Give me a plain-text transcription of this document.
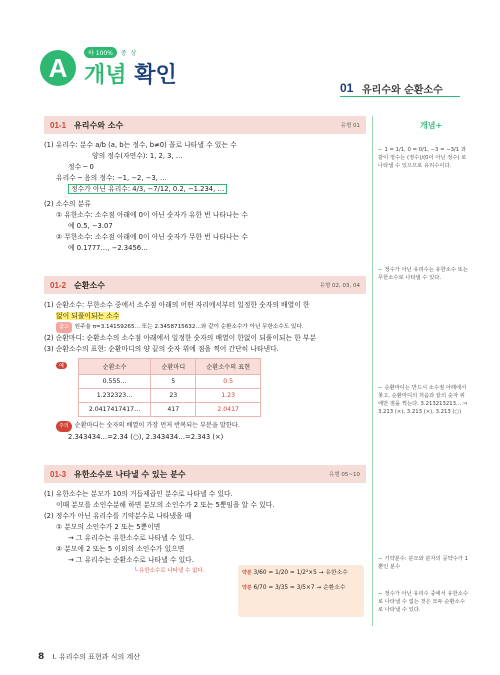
A	하 100%	중 상
개념 확인	01 유리수와 순환소수
01-1 유리수와 소수	유형 01
(1) 유리수: 분수 a/b (a, b는 정수, b≠0) 꼴로 나타낼 수 있는 수
양의 정수(자연수): 1, 2, 3, …
정수 ─ 0
유리수 ─ 음의 정수: −1, −2, −3, …
정수가 아닌 유리수: 4/3, −7/12, 0.2, −1.234, …
(2) 소수의 분류
① 유한소수: 소수점 아래에 0이 아닌 숫자가 유한 번 나타나는 수
예 0.5, −3.07
② 무한소수: 소수점 아래에 0이 아닌 숫자가 무한 번 나타나는 수
예 0.1777…, −2.3456…
01-2 순환소수	유형 02, 03, 04
(1) 순환소수: 무한소수 중에서 소수점 아래의 어떤 자리에서부터 일정한 숫자의 배열이 한
없이 되풀이되는 소수
참고 원주율 π=3.14159265… 또는 2.3458715632…와 같이 순환소수가 아닌 무한소수도 있다.
(2) 순환마디: 순환소수의 소수점 아래에서 일정한 숫자의 배열이 한없이 되풀이되는 한 부분
(3) 순환소수의 표현: 순환마디의 양 끝의 숫자 위에 점을 찍어 간단히 나타낸다.
예	순환소수	순환마디	순환소수의 표현
0.555…	5	0.5̇
1.232323…	23	1.2̇3̇
2.0417417417…	417	2.04̇17̇
주의 순환마디는 숫자의 배열이 가장 먼저 반복되는 부분을 말한다.
2.343434…=2.34̇ (○), 2.343434…=2.343̇ (×)
01-3 유한소수로 나타낼 수 있는 분수	유형 05~10
(1) 유한소수는 분모가 10의 거듭제곱인 분수로 나타낼 수 있다.
이때 분모를 소인수분해 하면 분모의 소인수가 2 또는 5뿐임을 알 수 있다.
(2) 정수가 아닌 유리수를 기약분수로 나타냈을 때
① 분모의 소인수가 2 또는 5뿐이면
→ 그 유리수는 유한소수로 나타낼 수 있다.
② 분모에 2 또는 5 이외의 소인수가 있으면
→ 그 유리수는 순환소수로 나타낼 수 있다.
└ 유한소수로 나타낼 수 없다.	약분 3/60 = 1/20 = 1/2²×5 → 유한소수
약분 6/70 = 3/35 = 3/5×7 → 순환소수
개념+
− 1 = 1/1, 0 = 0/1, −3 = −3/1 과 같이 정수는 (정수)/(0이 아닌 정수) 로 나타낼 수 있으므로 유리수이다.
− 정수가 아닌 유리수는 유한소수 또는 무한소수로 나타낼 수 있다.
− 순환마디는 반드시 소수점 아래에서 찾고, 순환마디의 처음과 끝의 숫자 위에만 점을 찍는다. 3.213213213… ⇒ 3.21̇3̇ (×), 3.2̇13̇ (×), 3.2̇13̇ (○)
− 기약분수: 분모와 분자의 공약수가 1뿐인 분수
− 정수가 아닌 유리수 중에서 유한소수로 나타낼 수 없는 것은 모두 순환소수로 나타낼 수 있다.
8 I. 유리수의 표현과 식의 계산
